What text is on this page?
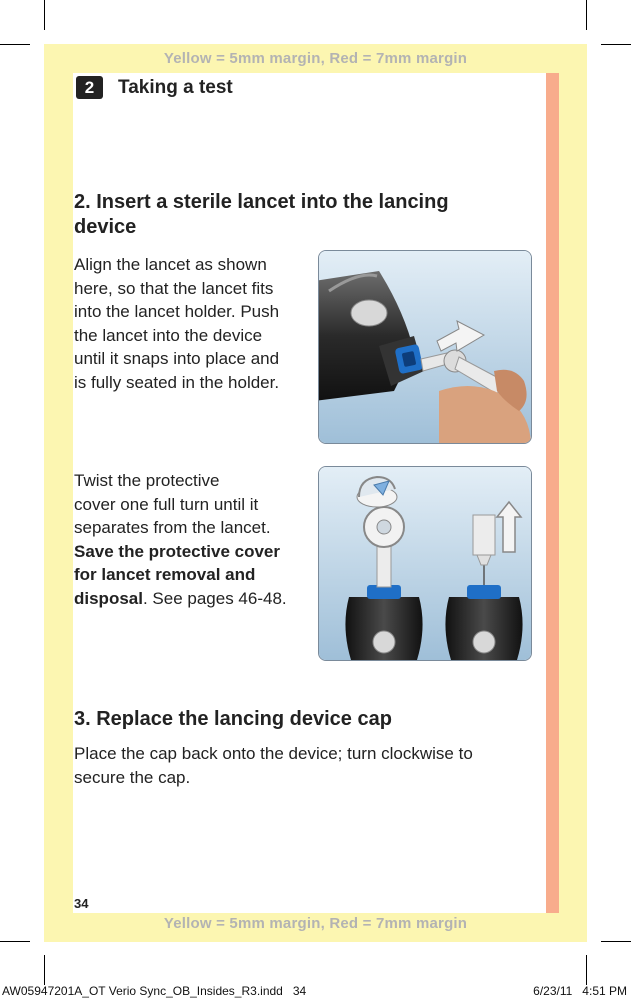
Yellow = 5mm margin, Red = 7mm margin
Yellow = 5mm margin, Red = 7mm margin
2	Taking a test
2. Insert a sterile lancet into the lancing
device
Align the lancet as shown
here, so that the lancet fits
into the lancet holder. Push
the lancet into the device
until it snaps into place and
is fully seated in the holder.
Twist the protective
cover one full turn until it
separates from the lancet.
Save the protective cover
for lancet removal and
disposal. See pages 46-48.
3. Replace the lancing device cap
Place the cap back onto the device; turn clockwise to
secure the cap.
34
AW05947201A_OT Verio Sync_OB_Insides_R3.indd   34	6/23/11   4:51 PM
